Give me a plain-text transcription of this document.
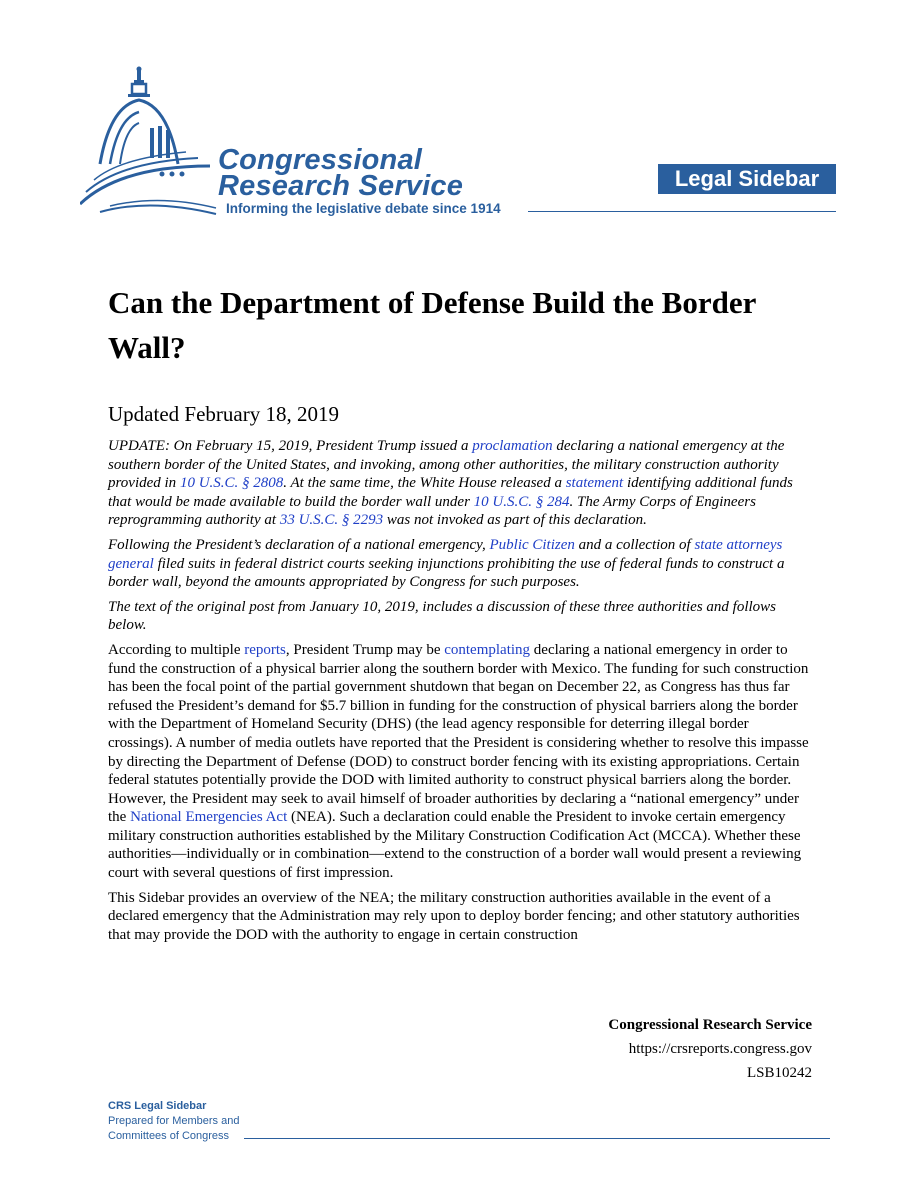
Congressional
Research Service
Informing the legislative debate since 1914
Legal Sidebar
Can the Department of Defense Build the Border Wall?
Updated February 18, 2019

UPDATE: On February 15, 2019, President Trump issued a proclamation declaring a national emergency at the southern border of the United States, and invoking, among other authorities, the military construction authority provided in 10 U.S.C. § 2808. At the same time, the White House released a statement identifying additional funds that would be made available to build the border wall under 10 U.S.C. § 284. The Army Corps of Engineers reprogramming authority at 33 U.S.C. § 2293 was not invoked as part of this declaration.

Following the President’s declaration of a national emergency, Public Citizen and a collection of state attorneys general filed suits in federal district courts seeking injunctions prohibiting the use of federal funds to construct a border wall, beyond the amounts appropriated by Congress for such purposes.

The text of the original post from January 10, 2019, includes a discussion of these three authorities and follows below.

According to multiple reports, President Trump may be contemplating declaring a national emergency in order to fund the construction of a physical barrier along the southern border with Mexico. The funding for such construction has been the focal point of the partial government shutdown that began on December 22, as Congress has thus far refused the President’s demand for $5.7 billion in funding for the construction of physical barriers along the border with the Department of Homeland Security (DHS) (the lead agency responsible for deterring illegal border crossings). A number of media outlets have reported that the President is considering whether to resolve this impasse by directing the Department of Defense (DOD) to construct border fencing with its existing appropriations. Certain federal statutes potentially provide the DOD with limited authority to construct physical barriers along the border. However, the President may seek to avail himself of broader authorities by declaring a “national emergency” under the National Emergencies Act (NEA). Such a declaration could enable the President to invoke certain emergency military construction authorities established by the Military Construction Codification Act (MCCA). Whether these authorities—individually or in combination—extend to the construction of a border wall would present a reviewing court with several questions of first impression.

This Sidebar provides an overview of the NEA; the military construction authorities available in the event of a declared emergency that the Administration may rely upon to deploy border fencing; and other statutory authorities that may provide the DOD with the authority to engage in certain construction

Congressional Research Service
https://crsreports.congress.gov
LSB10242
CRS Legal Sidebar
Prepared for Members and
Committees of Congress
